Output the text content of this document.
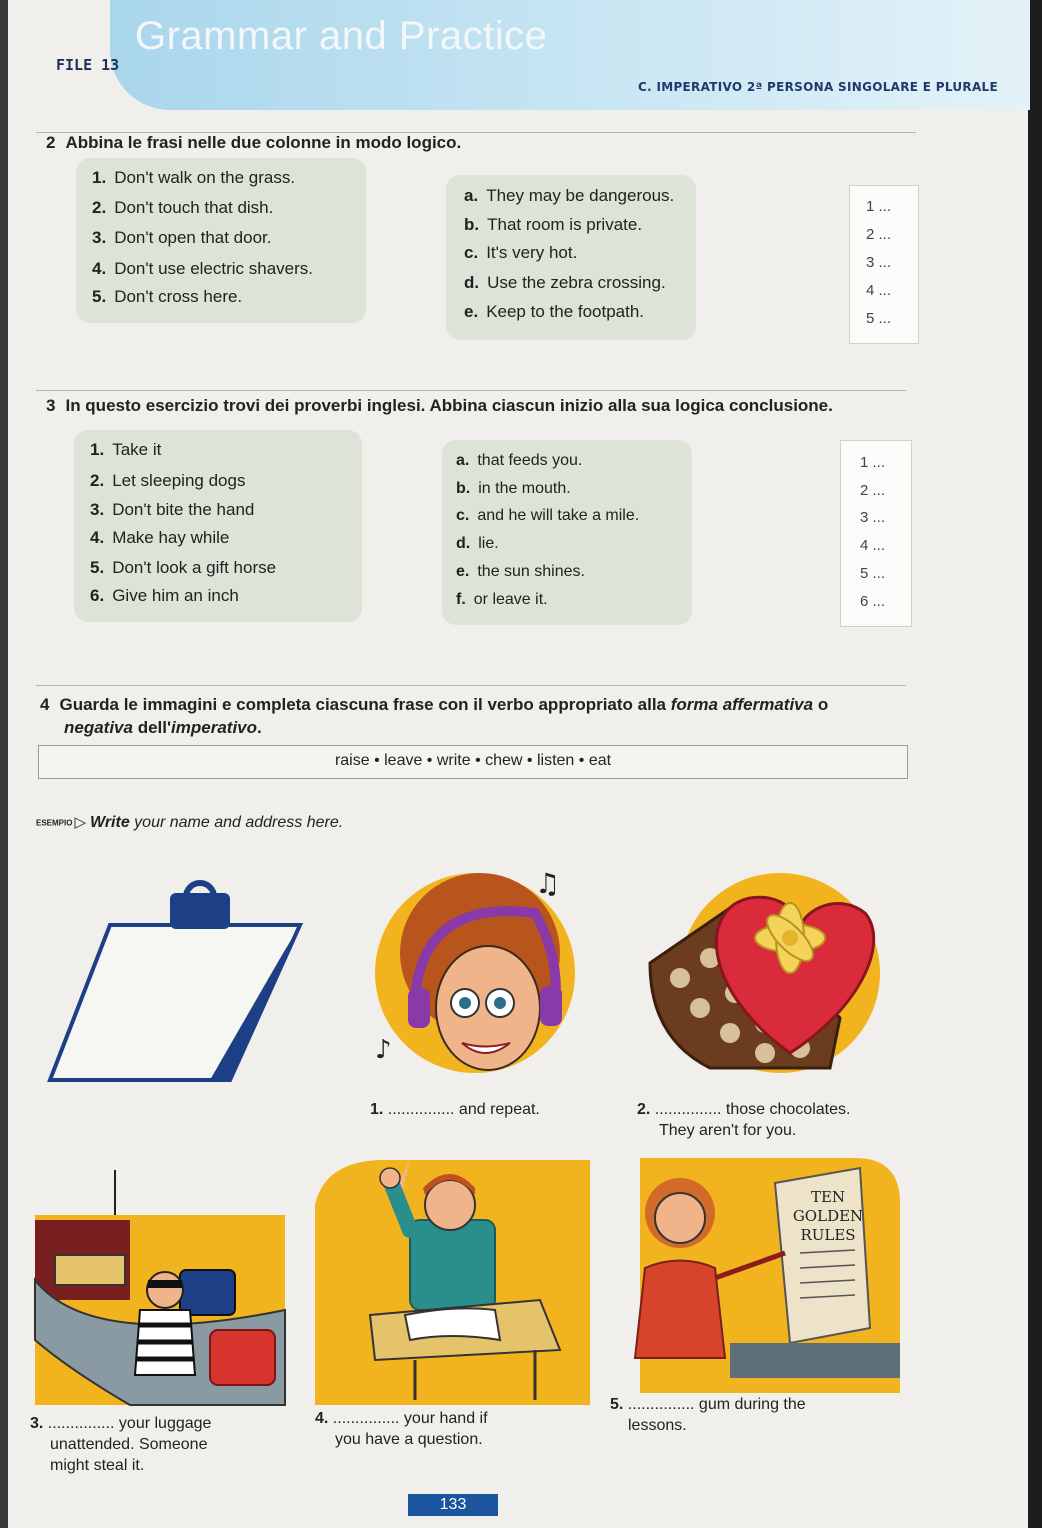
Grammar and Practice
FILE 13
C. IMPERATIVO 2ª PERSONA SINGOLARE E PLURALE
2 Abbina le frasi nelle due colonne in modo logico.
1. Don't walk on the grass.
2. Don't touch that dish.
3. Don't open that door.
4. Don't use electric shavers.
5. Don't cross here.
a. They may be dangerous.
b. That room is private.
c. It's very hot.
d. Use the zebra crossing.
e. Keep to the footpath.
1 ...
2 ...
3 ...
4 ...
5 ...
3 In questo esercizio trovi dei proverbi inglesi. Abbina ciascun inizio alla sua logica conclusione.
1. Take it
2. Let sleeping dogs
3. Don't bite the hand
4. Make hay while
5. Don't look a gift horse
6. Give him an inch
a. that feeds you.
b. in the mouth.
c. and he will take a mile.
d. lie.
e. the sun shines.
f. or leave it.
1 ...
2 ...
3 ...
4 ...
5 ...
6 ...
4 Guarda le immagini e completa ciascuna frase con il verbo appropriato alla forma affermativa o
negativa dell'imperativo.
raise • leave • write • chew • listen • eat
ESEMPIO ▷ Write your name and address here.
♫
♪
1. ............... and repeat.	2. ............... those chocolates.
They aren't for you.
TEN
GOLDEN
RULES
3. ............... your luggage
unattended. Someone
might steal it.
4. ............... your hand if
you have a question.
5. ............... gum during the
lessons.
133
